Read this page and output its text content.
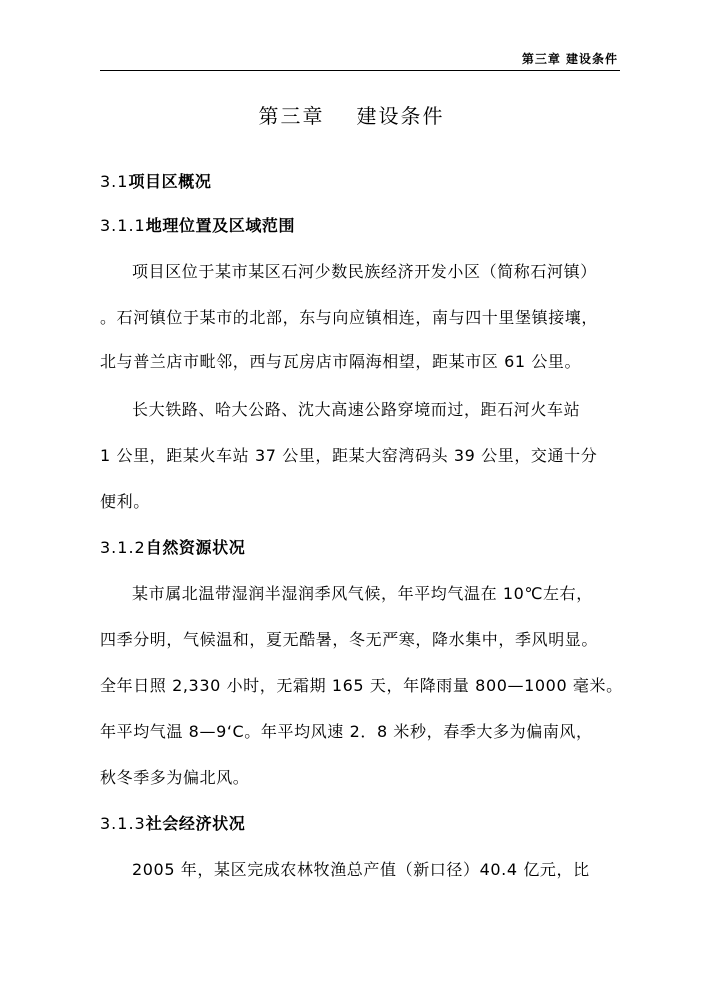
第三章 建设条件
第三章 建设条件
3.1项目区概况
3.1.1地理位置及区域范围
项目区位于某市某区石河少数民族经济开发小区（简称石河镇）
。石河镇位于某市的北部，东与向应镇相连，南与四十里堡镇接壤，
北与普兰店市毗邻，西与瓦房店市隔海相望，距某市区 61 公里。
长大铁路、哈大公路、沈大高速公路穿境而过，距石河火车站
1 公里，距某火车站 37 公里，距某大窑湾码头 39 公里，交通十分
便利。
3.1.2自然资源状况
某市属北温带湿润半湿润季风气候，年平均气温在 10℃左右，
四季分明，气候温和，夏无酷暑，冬无严寒，降水集中，季风明显。
全年日照 2,330 小时，无霜期 165 天，年降雨量 800—1000 毫米。
年平均气温 8—9‘C。年平均风速 2．8 米秒，春季大多为偏南风，
秋冬季多为偏北风。
3.1.3社会经济状况
2005 年，某区完成农林牧渔总产值（新口径）40.4 亿元，比
